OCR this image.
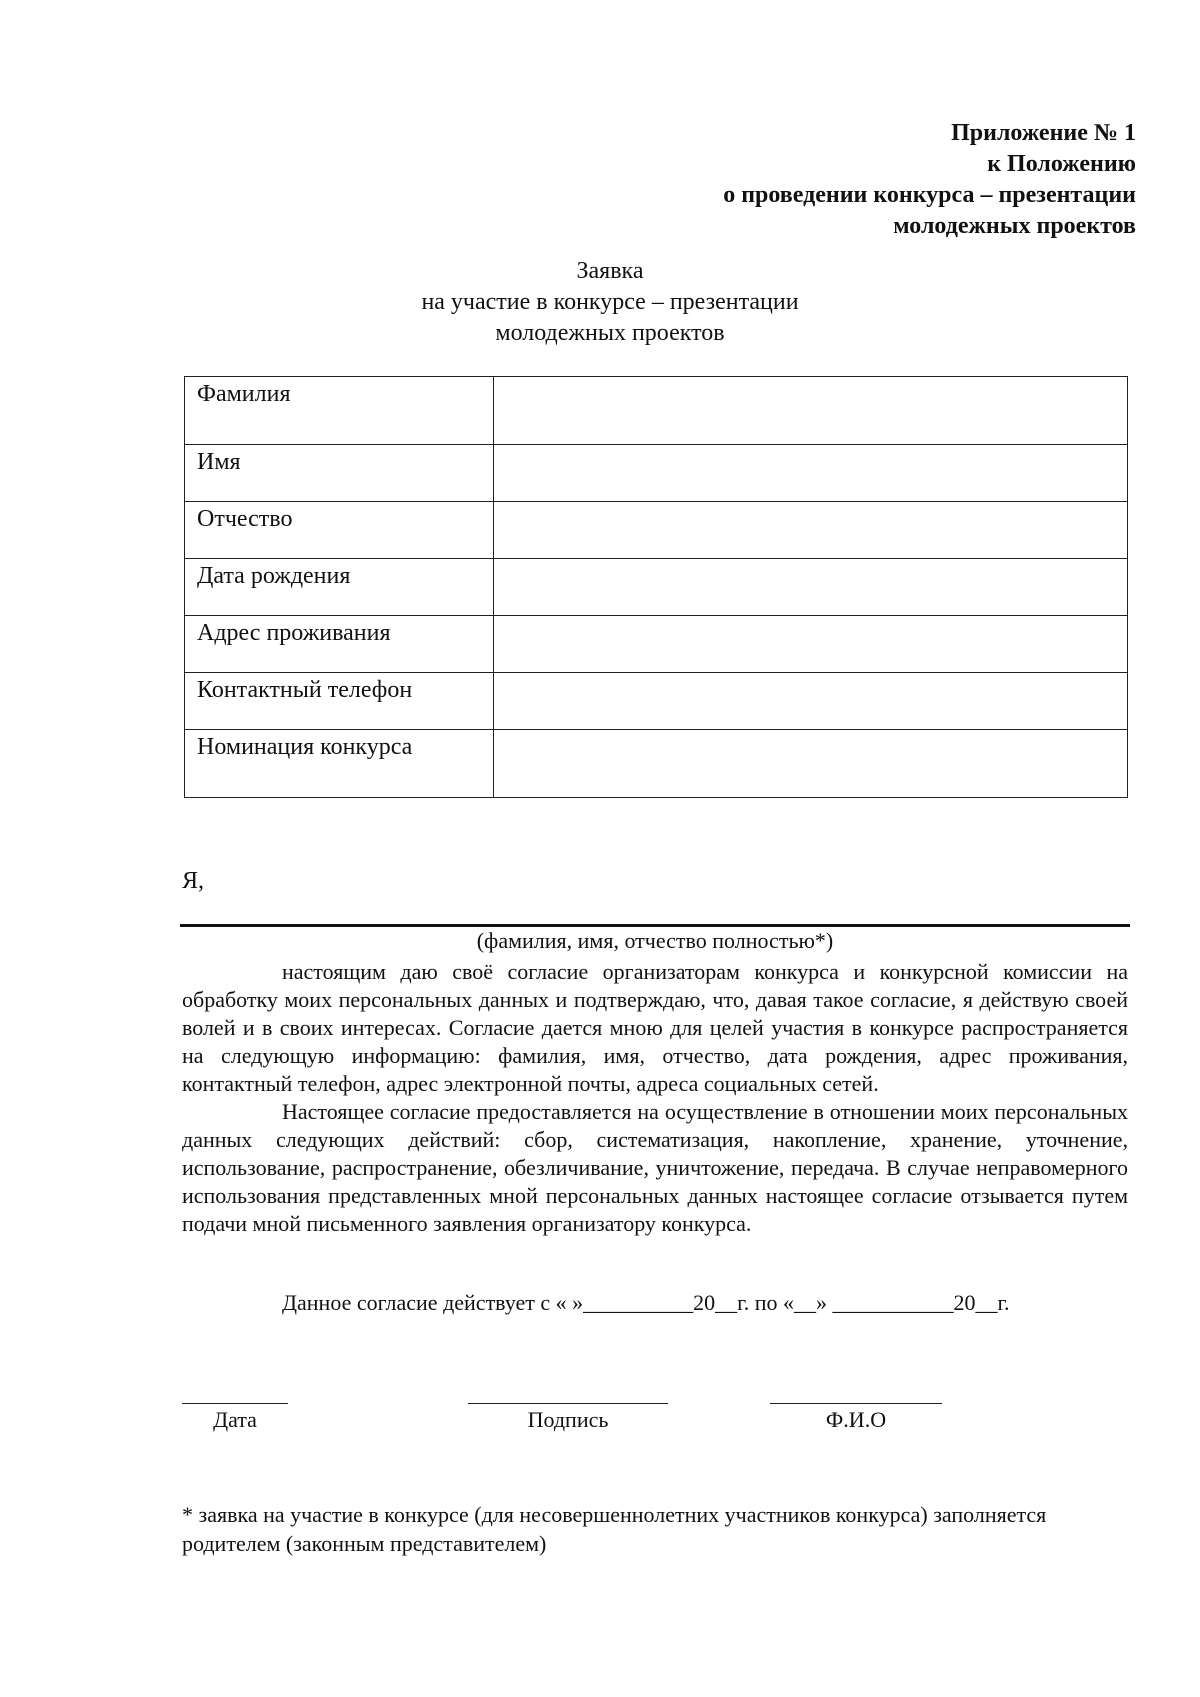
Приложение № 1
к Положению
о проведении конкурса – презентации
молодежных проектов
Заявка
на участие в конкурсе – презентации
молодежных проектов
Фамилия	
Имя	
Отчество	
Дата рождения	
Адрес проживания	
Контактный телефон	
Номинация конкурса	
Я,
(фамилия, имя, отчество полностью*)

настоящим даю своё согласие организаторам конкурса и конкурсной комиссии на обработку моих персональных данных и подтверждаю, что, давая такое согласие, я действую своей волей и в своих интересах. Согласие дается мною для целей участия в конкурсе распространяется на следующую информацию: фамилия, имя, отчество, дата рождения, адрес проживания, контактный телефон, адрес электронной почты, адреса социальных сетей.

Настоящее согласие предоставляется на осуществление в отношении моих персональных данных следующих действий: сбор, систематизация, накопление, хранение, уточнение, использование, распространение, обезличивание, уничтожение, передача. В случае неправомерного использования представленных мной персональных данных настоящее согласие отзывается путем подачи мной письменного заявления организатору конкурса.

Данное согласие действует с « »__________20__г. по «__» ___________20__г.
Дата	Подпись	Ф.И.О
* заявка на участие в конкурсе (для несовершеннолетних участников конкурса) заполняется родителем (законным представителем)
